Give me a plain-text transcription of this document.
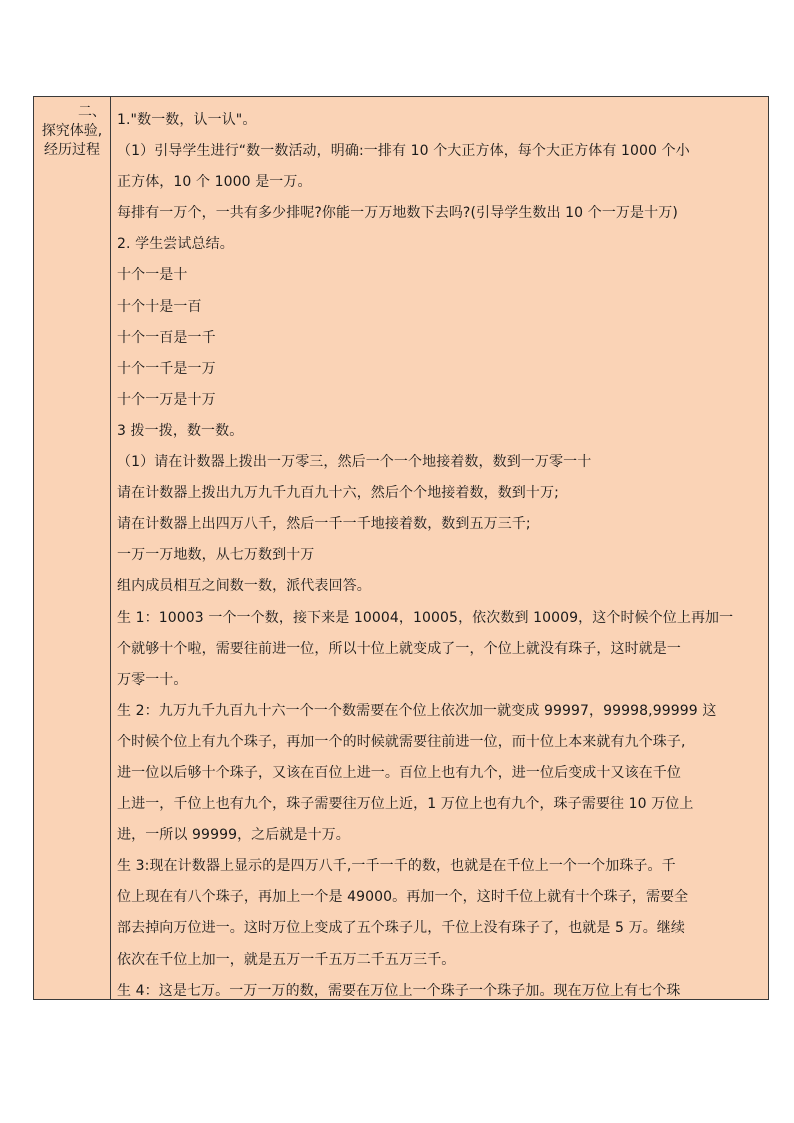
二、
探究体验,
经历过程
1."数一数，认一认"。
（1）引导学生进行“数一数活动，明确:一排有 10 个大正方体，每个大正方体有 1000 个小
正方体，10 个 1000 是一万。
每排有一万个，一共有多少排呢?你能一万万地数下去吗?(引导学生数出 10 个一万是十万)
2. 学生尝试总结。
十个一是十
十个十是一百
十个一百是一千
十个一千是一万
十个一万是十万
3 拨一拨，数一数。
（1）请在计数器上拨出一万零三，然后一个一个地接着数，数到一万零一十
请在计数器上拨出九万九千九百九十六，然后个个地接着数，数到十万;
请在计数器上出四万八千，然后一千一千地接着数，数到五万三千;
一万一万地数，从七万数到十万
组内成员相互之间数一数，派代表回答。
生 1：10003 一个一个数，接下来是 10004，10005，依次数到 10009，这个时候个位上再加一
个就够十个啦，需要往前进一位，所以十位上就变成了一，个位上就没有珠子，这时就是一
万零一十。
生 2：九万九千九百九十六一个一个数需要在个位上依次加一就变成 99997，99998,99999 这
个时候个位上有九个珠子，再加一个的时候就需要往前进一位，而十位上本来就有九个珠子,
进一位以后够十个珠子，又该在百位上进一。百位上也有九个，进一位后变成十又该在千位
上进一，千位上也有九个，珠子需要往万位上近，1 万位上也有九个，珠子需要往 10 万位上
进，一所以 99999，之后就是十万。
生 3:现在计数器上显示的是四万八千,一千一千的数，也就是在千位上一个一个加珠子。千
位上现在有八个珠子，再加上一个是 49000。再加一个，这时千位上就有十个珠子，需要全
部去掉向万位进一。这时万位上变成了五个珠子儿，千位上没有珠子了，也就是 5 万。继续
依次在千位上加一，就是五万一千五万二千五万三千。
生 4：这是七万。一万一万的数，需要在万位上一个珠子一个珠子加。现在万位上有七个珠
